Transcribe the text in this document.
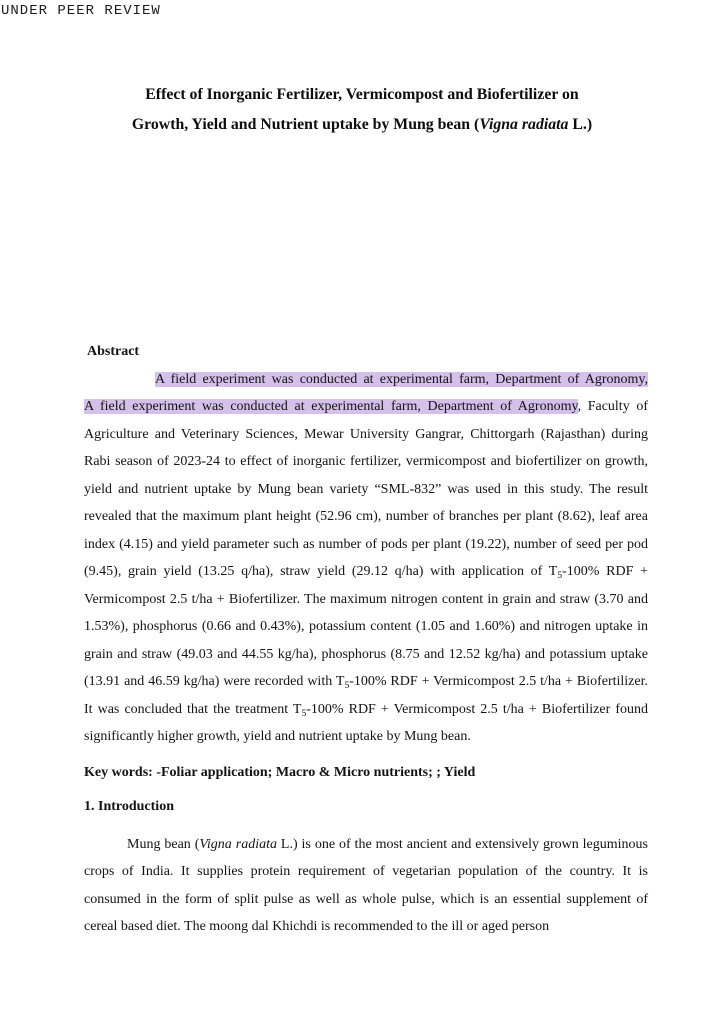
UNDER PEER REVIEW
Effect of Inorganic Fertilizer, Vermicompost and Biofertilizer on
Growth, Yield and Nutrient uptake by Mung bean (Vigna radiata L.)
Abstract
A field experiment was conducted at experimental farm, Department of Agronomy,
A field experiment was conducted at experimental farm, Department of Agronomy, Faculty of Agriculture and Veterinary Sciences, Mewar University Gangrar, Chittorgarh (Rajasthan) during Rabi season of 2023-24 to effect of inorganic fertilizer, vermicompost and biofertilizer on growth, yield and nutrient uptake by Mung bean variety “SML-832” was used in this study. The result revealed that the maximum plant height (52.96 cm), number of branches per plant (8.62), leaf area index (4.15) and yield parameter such as number of pods per plant (19.22), number of seed per pod (9.45), grain yield (13.25 q/ha), straw yield (29.12 q/ha) with application of $T_5-100\%$ RDF + Vermicompost 2.5 t/ha + Biofertilizer. The maximum nitrogen content in grain and straw (3.70 and 1.53%), phosphorus (0.66 and 0.43%), potassium content (1.05 and 1.60%) and nitrogen uptake in grain and straw (49.03 and 44.55 kg/ha), phosphorus (8.75 and 12.52 kg/ha) and potassium uptake (13.91 and 46.59 kg/ha) were recorded with $T_5-100\%$ RDF + Vermicompost 2.5 t/ha + Biofertilizer. It was concluded that the treatment $T_5-100\%$ RDF + Vermicompost 2.5 t/ha + Biofertilizer found significantly higher growth, yield and nutrient uptake by Mung bean.
Key words: -Foliar application; Macro & Micro nutrients; ; Yield
1. Introduction
Mung bean (Vigna radiata L.) is one of the most ancient and extensively grown leguminous crops of India. It supplies protein requirement of vegetarian population of the country. It is consumed in the form of split pulse as well as whole pulse, which is an essential supplement of cereal based diet. The moong dal Khichdi is recommended to the ill or aged person
